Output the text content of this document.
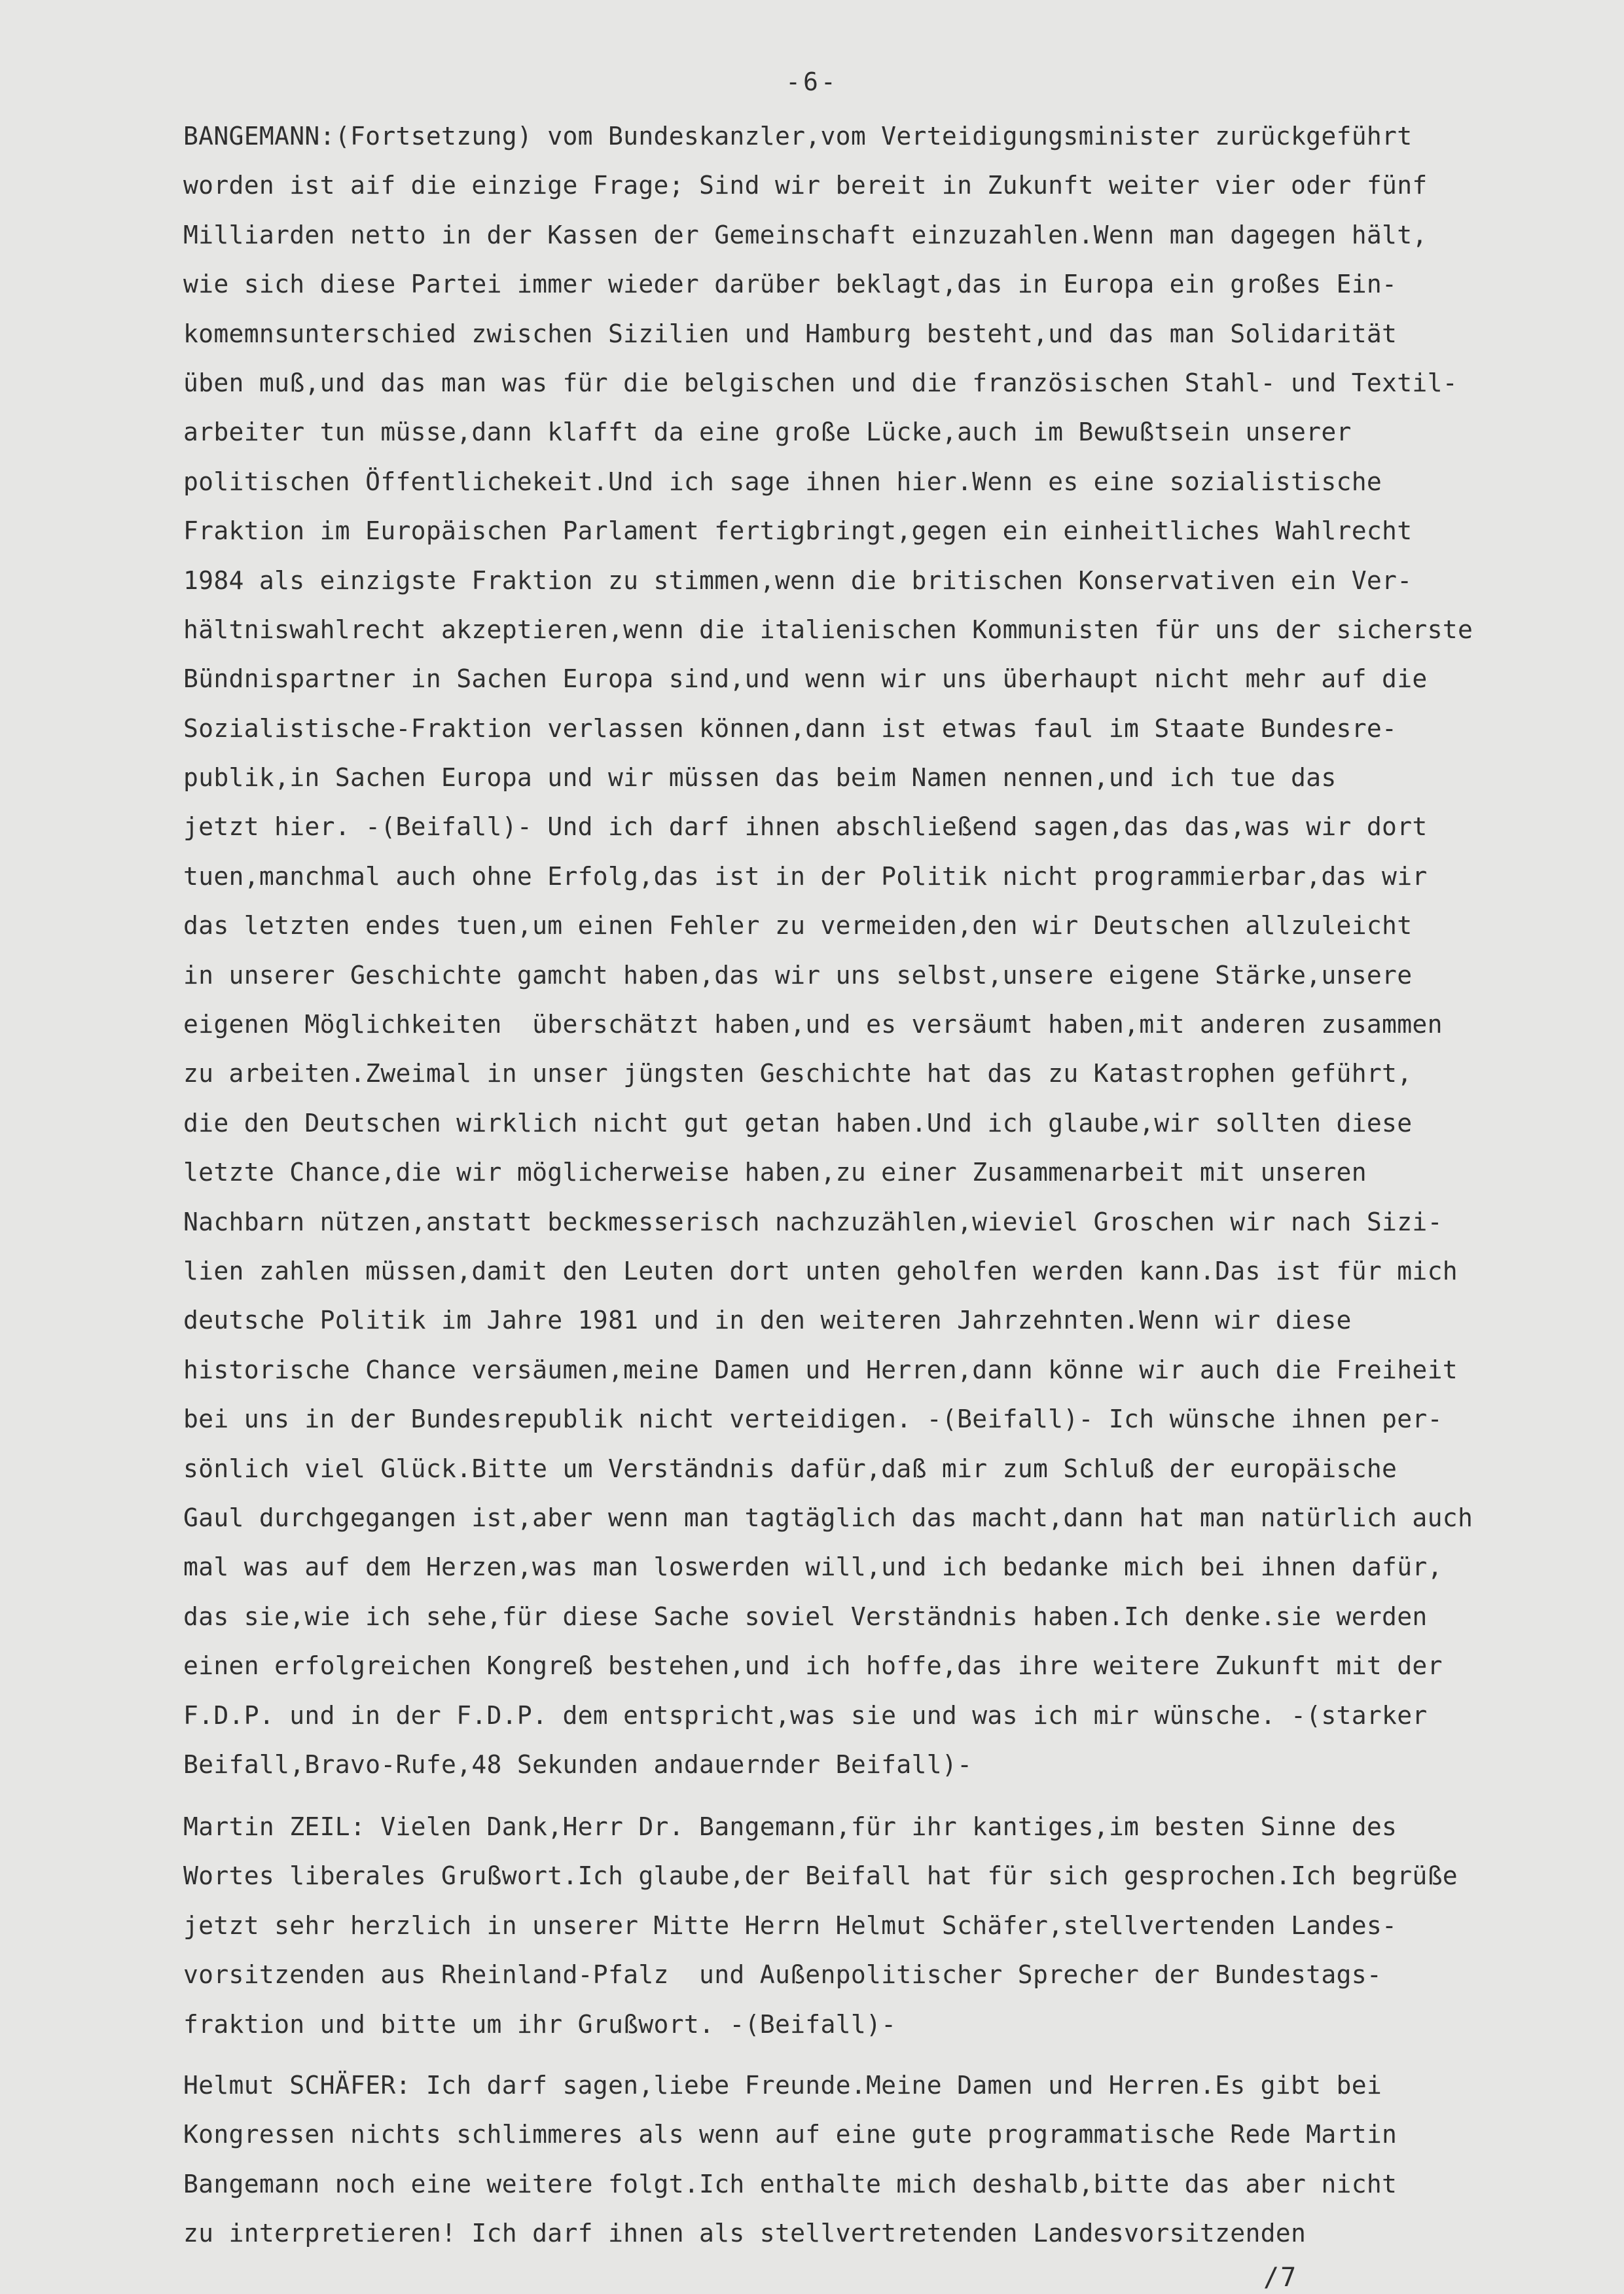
-6-
BANGEMANN:(Fortsetzung) vom Bundeskanzler,vom Verteidigungsminister zurückgeführt
worden ist aif die einzige Frage; Sind wir bereit in Zukunft weiter vier oder fünf
Milliarden netto in der Kassen der Gemeinschaft einzuzahlen.Wenn man dagegen hält,
wie sich diese Partei immer wieder darüber beklagt,das in Europa ein großes Ein-
komemnsunterschied zwischen Sizilien und Hamburg besteht,und das man Solidarität
üben muß,und das man was für die belgischen und die französischen Stahl- und Textil-
arbeiter tun müsse,dann klafft da eine große Lücke,auch im Bewußtsein unserer
politischen Öffentlichekeit.Und ich sage ihnen hier.Wenn es eine sozialistische
Fraktion im Europäischen Parlament fertigbringt,gegen ein einheitliches Wahlrecht
1984 als einzigste Fraktion zu stimmen,wenn die britischen Konservativen ein Ver-
hältniswahlrecht akzeptieren,wenn die italienischen Kommunisten für uns der sicherste
Bündnispartner in Sachen Europa sind,und wenn wir uns überhaupt nicht mehr auf die
Sozialistische-Fraktion verlassen können,dann ist etwas faul im Staate Bundesre-
publik,in Sachen Europa und wir müssen das beim Namen nennen,und ich tue das
jetzt hier. -(Beifall)- Und ich darf ihnen abschließend sagen,das das,was wir dort
tuen,manchmal auch ohne Erfolg,das ist in der Politik nicht programmierbar,das wir
das letzten endes tuen,um einen Fehler zu vermeiden,den wir Deutschen allzuleicht
in unserer Geschichte gamcht haben,das wir uns selbst,unsere eigene Stärke,unsere
eigenen Möglichkeiten  überschätzt haben,und es versäumt haben,mit anderen zusammen
zu arbeiten.Zweimal in unser jüngsten Geschichte hat das zu Katastrophen geführt,
die den Deutschen wirklich nicht gut getan haben.Und ich glaube,wir sollten diese
letzte Chance,die wir möglicherweise haben,zu einer Zusammenarbeit mit unseren
Nachbarn nützen,anstatt beckmesserisch nachzuzählen,wieviel Groschen wir nach Sizi-
lien zahlen müssen,damit den Leuten dort unten geholfen werden kann.Das ist für mich
deutsche Politik im Jahre 1981 und in den weiteren Jahrzehnten.Wenn wir diese
historische Chance versäumen,meine Damen und Herren,dann könne wir auch die Freiheit
bei uns in der Bundesrepublik nicht verteidigen. -(Beifall)- Ich wünsche ihnen per-
sönlich viel Glück.Bitte um Verständnis dafür,daß mir zum Schluß der europäische
Gaul durchgegangen ist,aber wenn man tagtäglich das macht,dann hat man natürlich auch
mal was auf dem Herzen,was man loswerden will,und ich bedanke mich bei ihnen dafür,
das sie,wie ich sehe,für diese Sache soviel Verständnis haben.Ich denke.sie werden
einen erfolgreichen Kongreß bestehen,und ich hoffe,das ihre weitere Zukunft mit der
F.D.P. und in der F.D.P. dem entspricht,was sie und was ich mir wünsche. -(starker
Beifall,Bravo-Rufe,48 Sekunden andauernder Beifall)-
Martin ZEIL: Vielen Dank,Herr Dr. Bangemann,für ihr kantiges,im besten Sinne des
Wortes liberales Grußwort.Ich glaube,der Beifall hat für sich gesprochen.Ich begrüße
jetzt sehr herzlich in unserer Mitte Herrn Helmut Schäfer,stellvertenden Landes-
vorsitzenden aus Rheinland-Pfalz  und Außenpolitischer Sprecher der Bundestags-
fraktion und bitte um ihr Grußwort. -(Beifall)-
Helmut SCHÄFER: Ich darf sagen,liebe Freunde.Meine Damen und Herren.Es gibt bei
Kongressen nichts schlimmeres als wenn auf eine gute programmatische Rede Martin
Bangemann noch eine weitere folgt.Ich enthalte mich deshalb,bitte das aber nicht
zu interpretieren! Ich darf ihnen als stellvertretenden Landesvorsitzenden
/7
